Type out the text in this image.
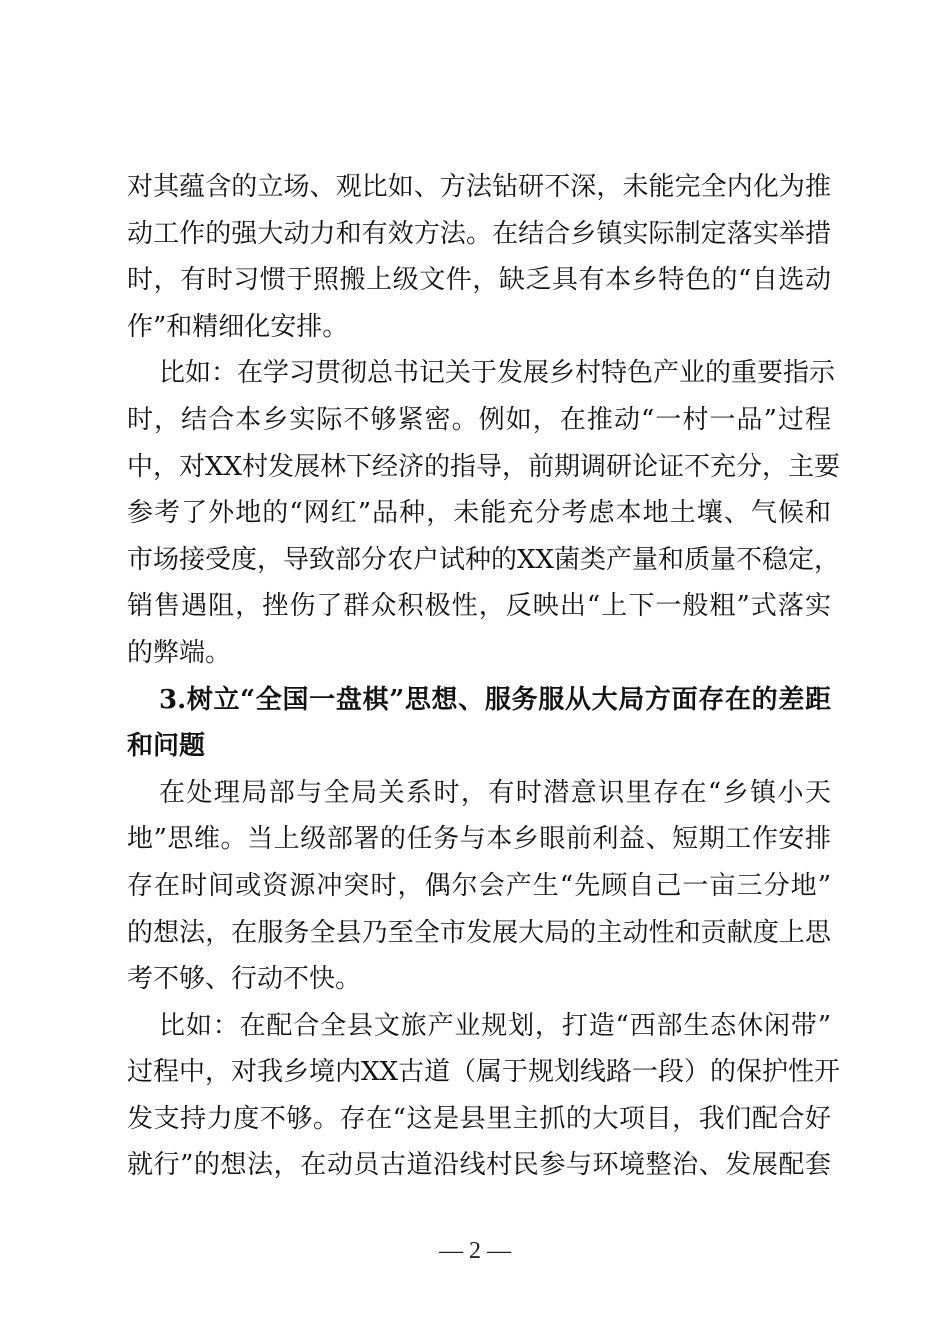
对其蕴含的立场、观比如、方法钻研不深，未能完全内化为推
动工作的强大动力和有效方法。在结合乡镇实际制定落实举措
时，有时习惯于照搬上级文件，缺乏具有本乡特色的“自选动
作”和精细化安排。
比如：在学习贯彻总书记关于发展乡村特色产业的重要指示
时，结合本乡实际不够紧密。例如，在推动“一村一品”过程
中，对XX村发展林下经济的指导，前期调研论证不充分，主要
参考了外地的“网红”品种，未能充分考虑本地土壤、气候和
市场接受度，导致部分农户试种的XX菌类产量和质量不稳定，
销售遇阻，挫伤了群众积极性，反映出“上下一般粗”式落实
的弊端。
3.树立“全国一盘棋”思想、服务服从大局方面存在的差距
和问题
在处理局部与全局关系时，有时潜意识里存在“乡镇小天
地”思维。当上级部署的任务与本乡眼前利益、短期工作安排
存在时间或资源冲突时，偶尔会产生“先顾自己一亩三分地”
的想法，在服务全县乃至全市发展大局的主动性和贡献度上思
考不够、行动不快。
比如：在配合全县文旅产业规划，打造“西部生态休闲带”
过程中，对我乡境内XX古道（属于规划线路一段）的保护性开
发支持力度不够。存在“这是县里主抓的大项目，我们配合好
就行”的想法，在动员古道沿线村民参与环境整治、发展配套
— 2 —
